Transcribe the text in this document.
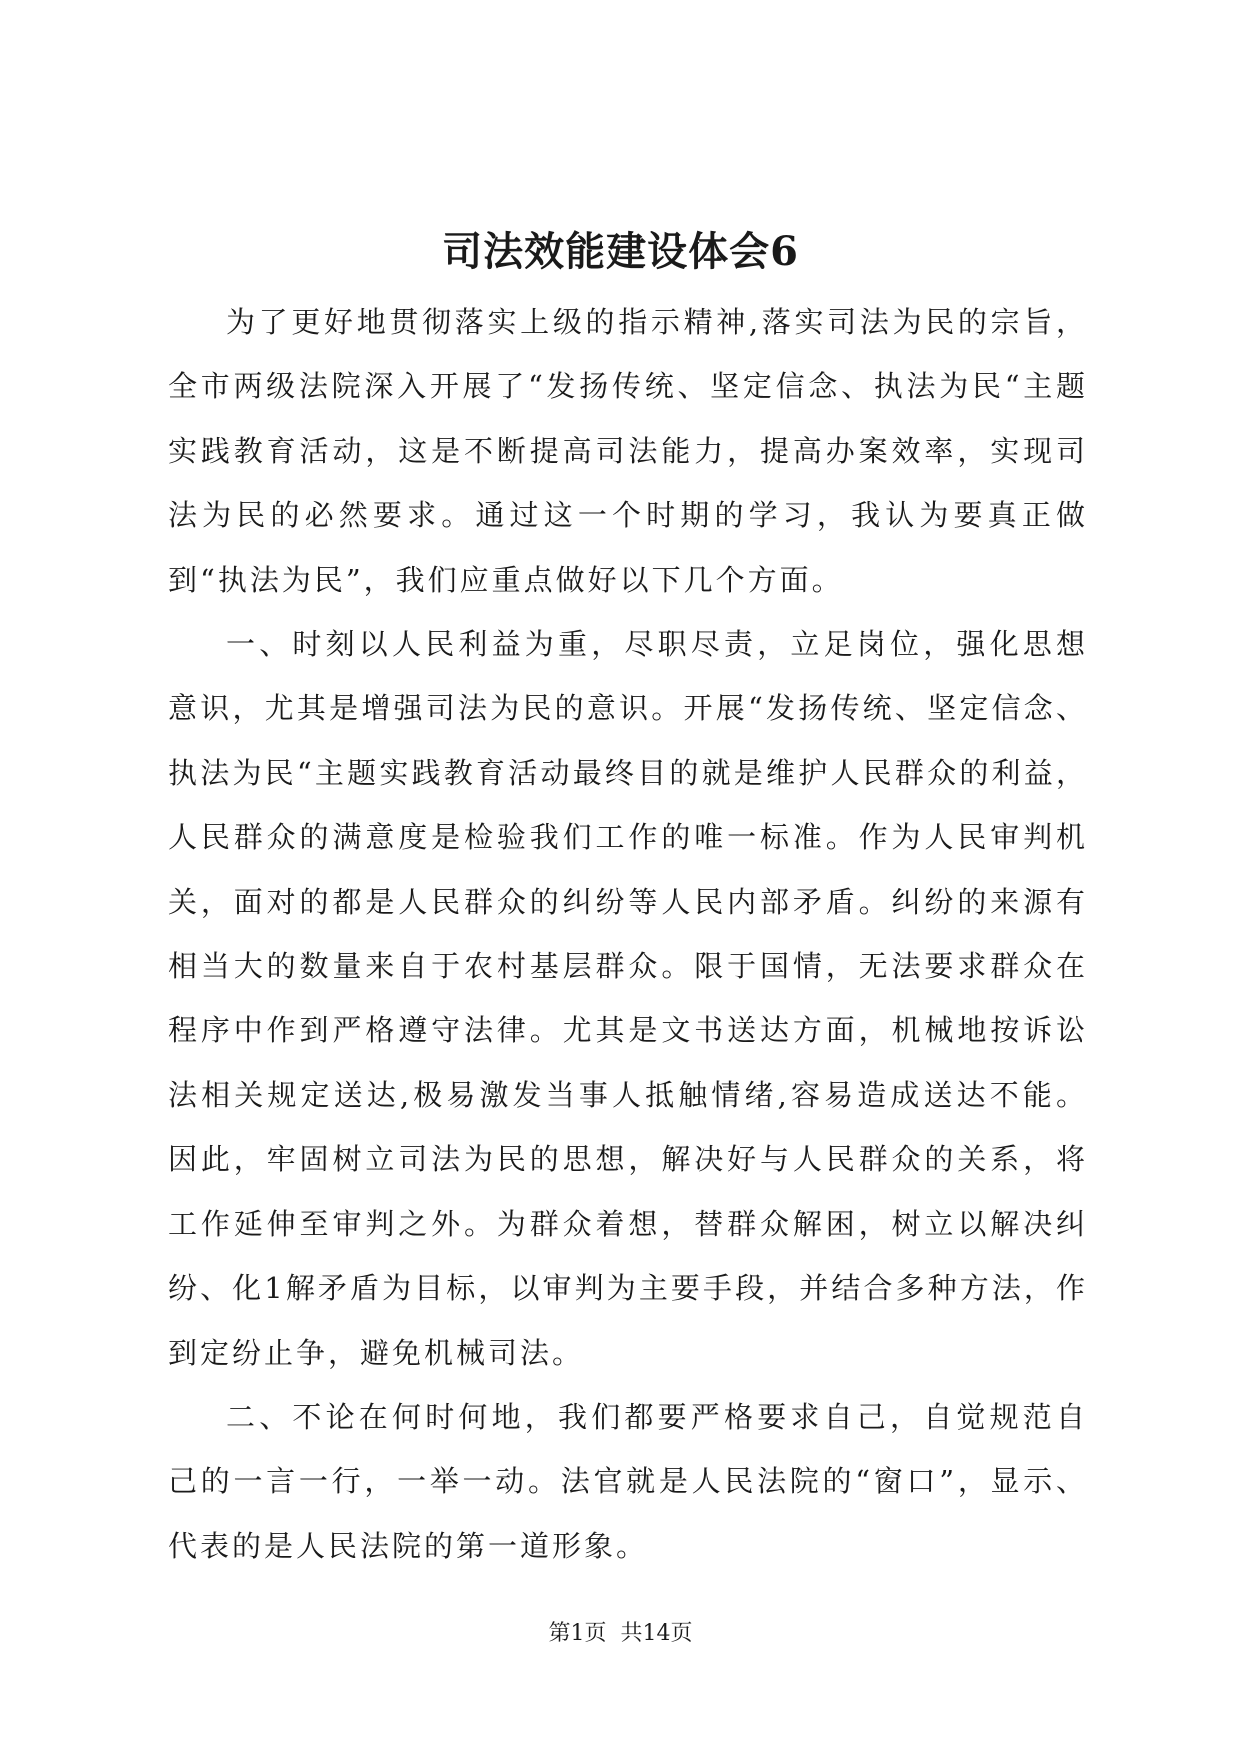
司法效能建设体会6

为了更好地贯彻落实上级的指示精神,落实司法为民的宗旨，全市两级法院深入开展了“发扬传统、坚定信念、执法为民“主题实践教育活动，这是不断提高司法能力，提高办案效率，实现司法为民的必然要求。通过这一个时期的学习，我认为要真正做到“执法为民”，我们应重点做好以下几个方面。

一、时刻以人民利益为重，尽职尽责，立足岗位，强化思想意识，尤其是增强司法为民的意识。开展“发扬传统、坚定信念、执法为民“主题实践教育活动最终目的就是维护人民群众的利益，人民群众的满意度是检验我们工作的唯一标准。作为人民审判机关，面对的都是人民群众的纠纷等人民内部矛盾。纠纷的来源有相当大的数量来自于农村基层群众。限于国情，无法要求群众在程序中作到严格遵守法律。尤其是文书送达方面，机械地按诉讼法相关规定送达,极易激发当事人抵触情绪,容易造成送达不能。因此，牢固树立司法为民的思想，解决好与人民群众的关系，将工作延伸至审判之外。为群众着想，替群众解困，树立以解决纠纷、化1解矛盾为目标，以审判为主要手段，并结合多种方法，作到定纷止争，避免机械司法。

二、不论在何时何地，我们都要严格要求自己，自觉规范自己的一言一行，一举一动。法官就是人民法院的“窗口”，显示、代表的是人民法院的第一道形象。

第1页 共14页
